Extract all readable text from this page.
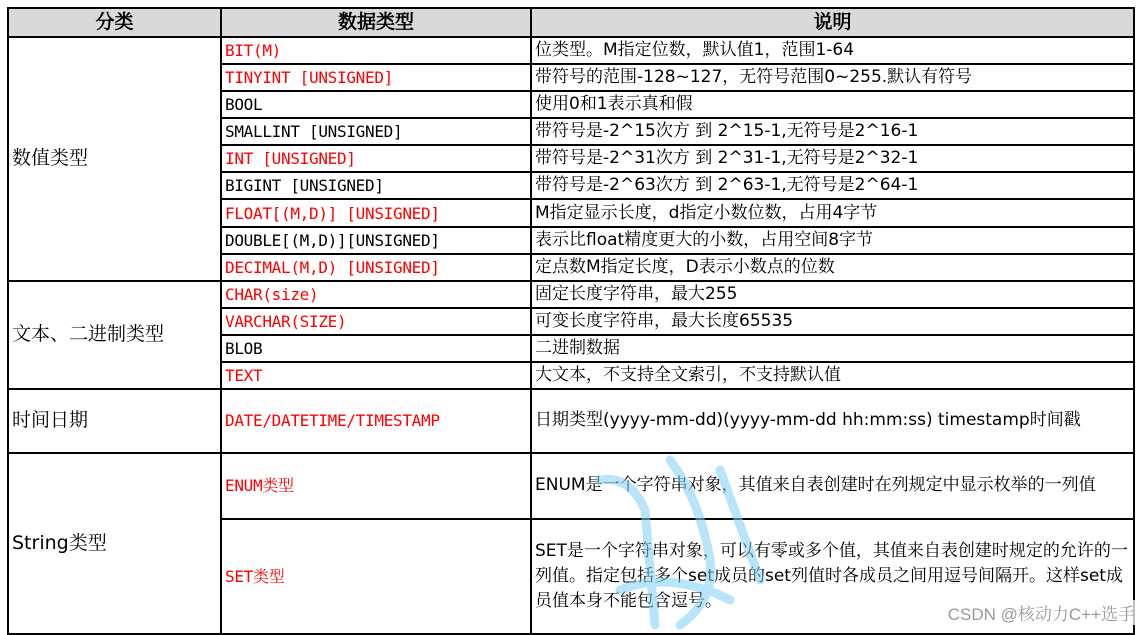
分类	数据类型	说明
数值类型	BIT(M)	位类型。M指定位数，默认值1，范围1-64
	TINYINT [UNSIGNED]	带符号的范围-128~127，无符号范围0~255.默认有符号
	BOOL	使用0和1表示真和假
	SMALLINT [UNSIGNED]	带符号是-2^15次方 到 2^15-1,无符号是2^16-1
	INT [UNSIGNED]	带符号是-2^31次方 到 2^31-1,无符号是2^32-1
	BIGINT [UNSIGNED]	带符号是-2^63次方 到 2^63-1,无符号是2^64-1
	FLOAT[(M,D)] [UNSIGNED]	M指定显示长度，d指定小数位数，占用4字节
	DOUBLE[(M,D)][UNSIGNED]	表示比float精度更大的小数，占用空间8字节
	DECIMAL(M,D) [UNSIGNED]	定点数M指定长度，D表示小数点的位数
文本、二进制类型	CHAR(size)	固定长度字符串，最大255
	VARCHAR(SIZE)	可变长度字符串，最大长度65535
	BLOB	二进制数据
	TEXT	大文本，不支持全文索引，不支持默认值
时间日期	DATE/DATETIME/TIMESTAMP	日期类型(yyyy-mm-dd)(yyyy-mm-dd hh:mm:ss) timestamp时间戳
String类型	ENUM类型	ENUM是一个字符串对象，其值来自表创建时在列规定中显示枚举的一列值
	SET类型	SET是一个字符串对象，可以有零或多个值，其值来自表创建时规定的允许的一列值。指定包括多个set成员的set列值时各成员之间用逗号间隔开。这样set成员值本身不能包含逗号。
CSDN @核动力C++选手
